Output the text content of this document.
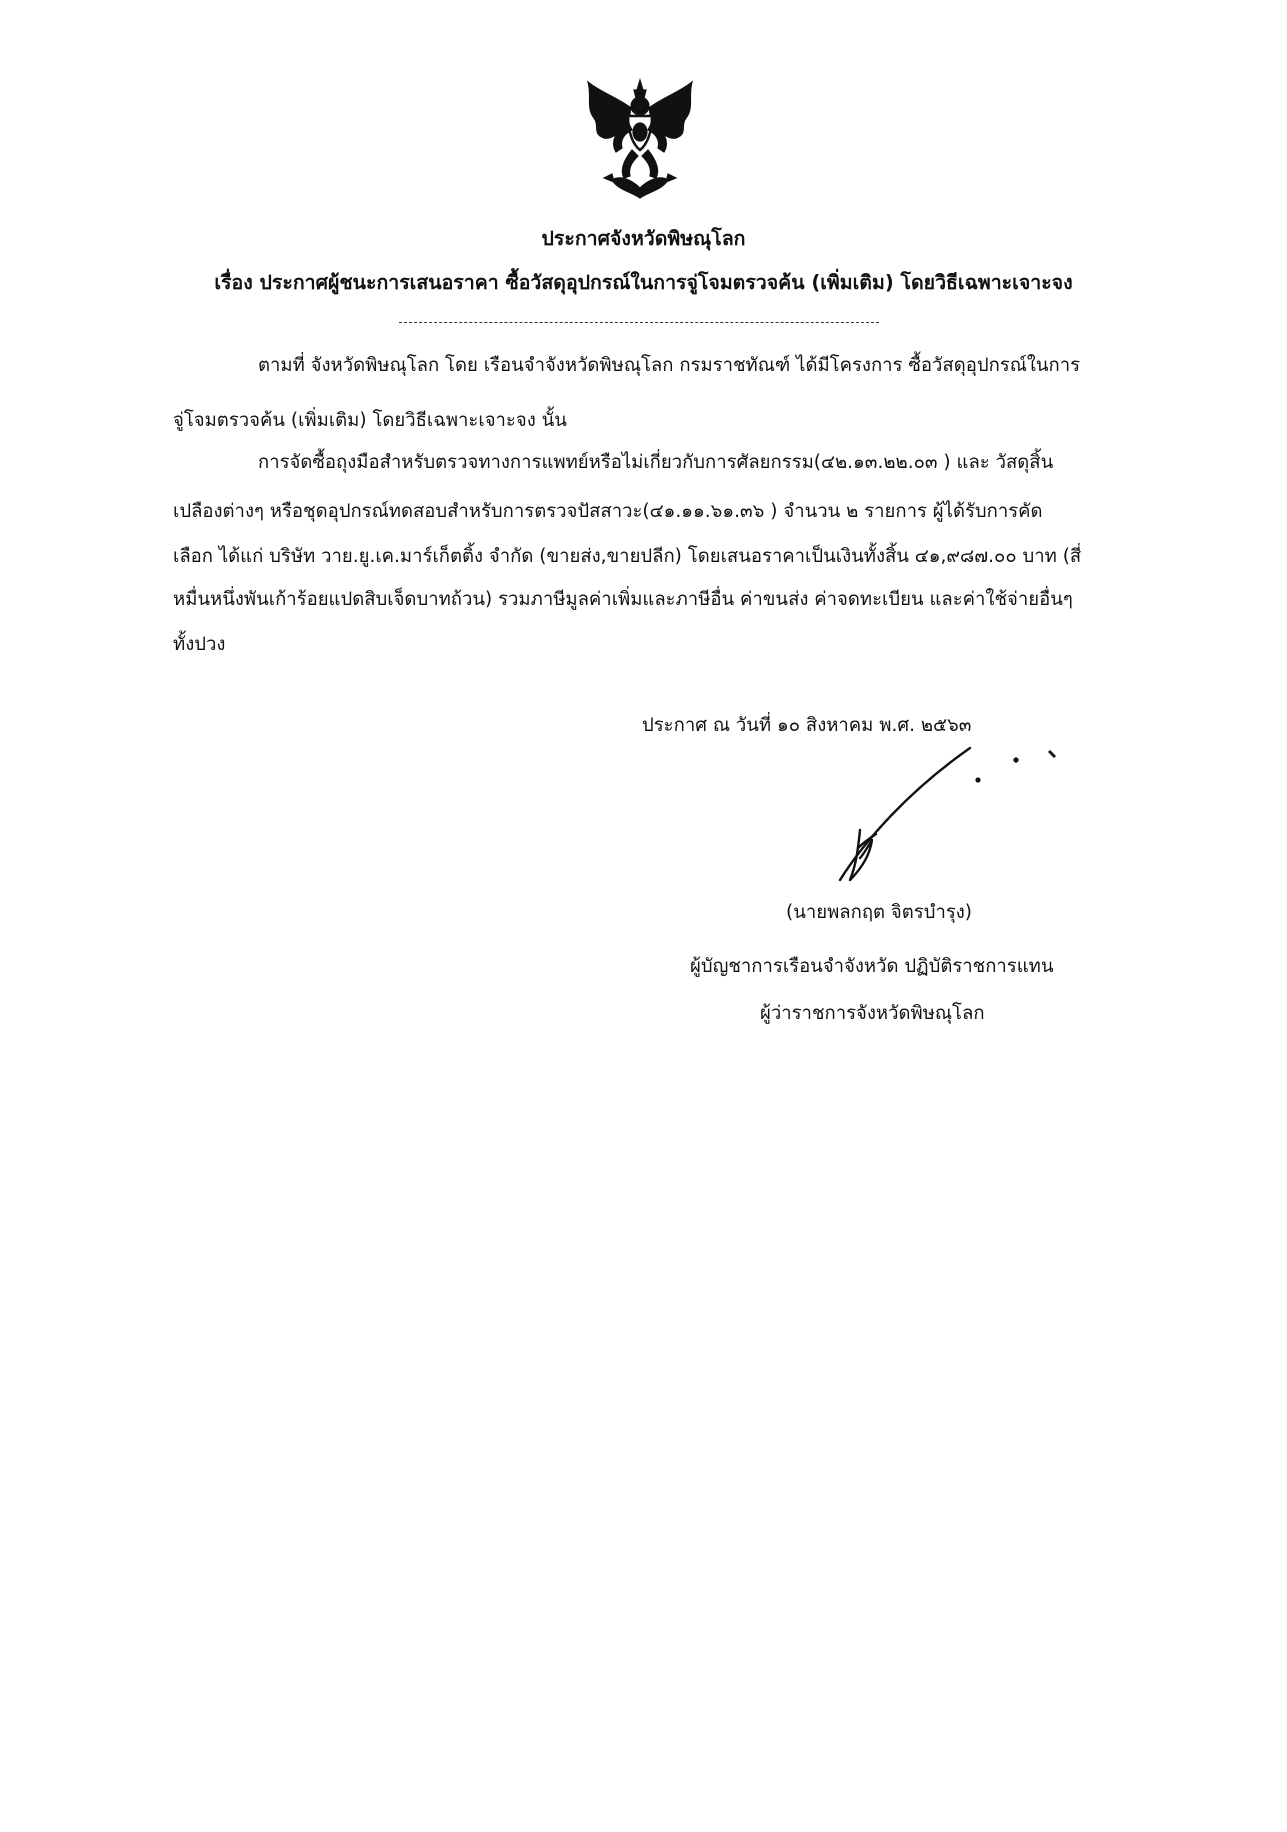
ประกาศจังหวัดพิษณุโลก
เรื่อง ประกาศผู้ชนะการเสนอราคา ซื้อวัสดุอุปกรณ์ในการจู่โจมตรวจค้น (เพิ่มเติม) โดยวิธีเฉพาะเจาะจง
ตามที่ จังหวัดพิษณุโลก โดย เรือนจำจังหวัดพิษณุโลก กรมราชทัณฑ์ ได้มีโครงการ ซื้อวัสดุอุปกรณ์ในการ
จู่โจมตรวจค้น (เพิ่มเติม) โดยวิธีเฉพาะเจาะจง นั้น
การจัดซื้อถุงมือสำหรับตรวจทางการแพทย์หรือไม่เกี่ยวกับการศัลยกรรม(๔๒.๑๓.๒๒.๐๓ ) และ วัสดุสิ้น
เปลืองต่างๆ หรือชุดอุปกรณ์ทดสอบสำหรับการตรวจปัสสาวะ(๔๑.๑๑.๖๑.๓๖ ) จำนวน ๒ รายการ ผู้ได้รับการคัด
เลือก ได้แก่ บริษัท วาย.ยู.เค.มาร์เก็ตติ้ง จำกัด (ขายส่ง,ขายปลีก) โดยเสนอราคาเป็นเงินทั้งสิ้น ๔๑,๙๘๗.๐๐ บาท (สี่
หมื่นหนึ่งพันเก้าร้อยแปดสิบเจ็ดบาทถ้วน) รวมภาษีมูลค่าเพิ่มและภาษีอื่น ค่าขนส่ง ค่าจดทะเบียน และค่าใช้จ่ายอื่นๆ
ทั้งปวง
ประกาศ ณ วันที่ ๑๐ สิงหาคม พ.ศ. ๒๕๖๓
(นายพลกฤต จิตรบำรุง)
ผู้บัญชาการเรือนจำจังหวัด ปฏิบัติราชการแทน
ผู้ว่าราชการจังหวัดพิษณุโลก
